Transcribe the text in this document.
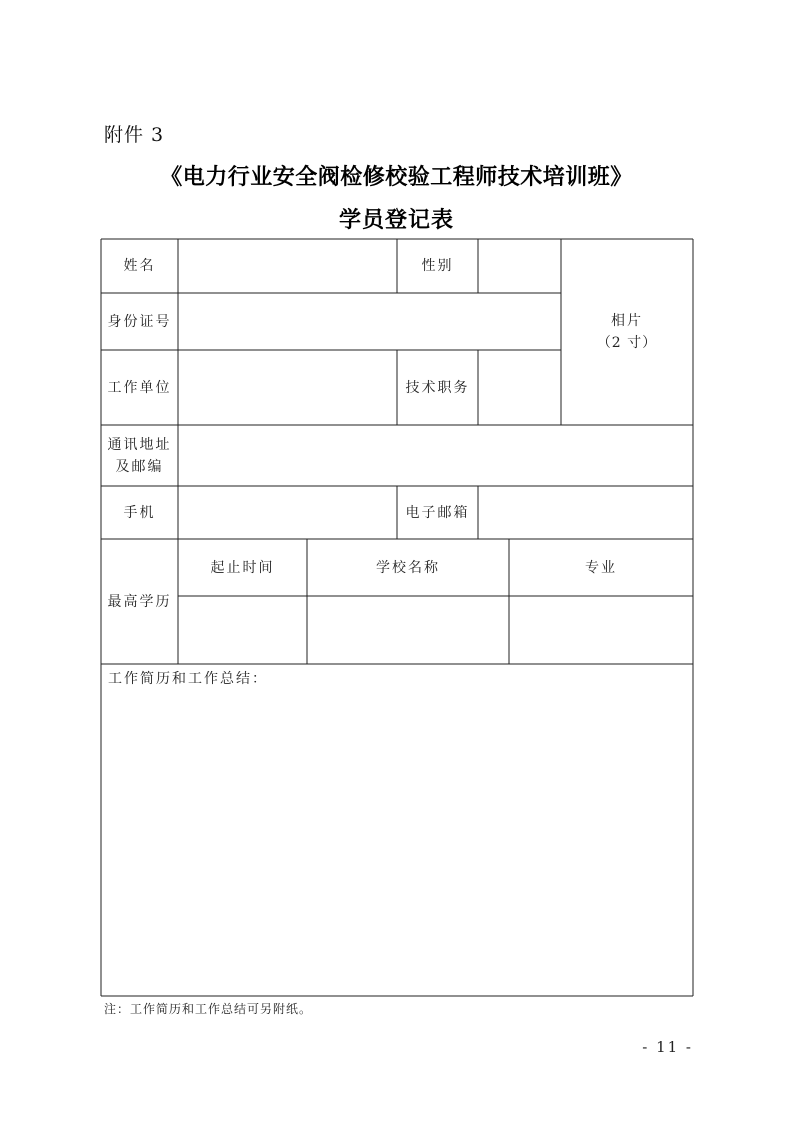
附件 3
《电力行业安全阀检修校验工程师技术培训班》
学员登记表
姓名	性别
相片
（2 寸）
身份证号
工作单位	技术职务
通讯地址
及邮编
手机	电子邮箱
最高学历
起止时间	学校名称	专业
工作简历和工作总结：
注：工作简历和工作总结可另附纸。
- 11 -
